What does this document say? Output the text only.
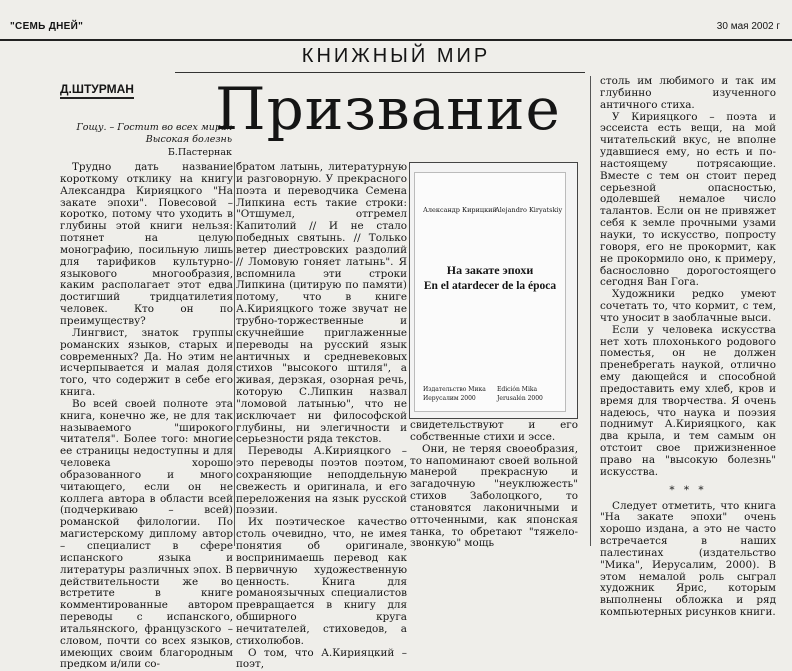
"СЕМЬ ДНЕЙ"	30 мая 2002 г
КНИЖНЫЙ МИР
Д.ШТУРМАН Призвание
Гощу. – Гостит во всех мирах
Высокая болезнь
Б.Пастернак

Трудно дать название короткому отклику на книгу Александра Кирияцкого "На закате эпохи". Повесовой – коротко, потому что уходить в глубины этой книги нельзя: потянет на целую монографию, посильную лишь для тарификов культурно-языкового многообразия, каким располагает этот едва достигший тридцатилетия человек. Кто он по преимуществу?

Лингвист, знаток группы романских языков, старых и современных? Да. Но этим не исчерпывается и малая доля того, что содержит в себе его книга.

Во всей своей полноте эта книга, конечно же, не для так называемого "широкого читателя". Более того: многие ее страницы недоступны и для человека хорошо образованного и много читающего, если он не коллега автора в области всей (подчеркиваю – всей) романской филологии. По магистерскому диплому автор – специалист в сфере испанского языка и литературы различных эпох. В действительности же во встретите в книге комментированные автором переводы с испанского, итальянского, французского – словом, почти со всех языков, имеющих своим благородным предком и/или со-

братом латынь, литературную и разговорную. У прекрасного поэта и переводчика Семена Липкина есть такие строки: "Отшумел, отгремел Капитолий // И не стало победных святынь. // Только ветер диестровских раздолий // Ломовую гоняет латынь". Я вспомнила эти строки Липкина (цитирую по памяти) потому, что в книге А.Кирияцкого тоже звучат не трубно-торжественные и скучнейшие приглаженные переводы на русский язык античных и средневековых стихов "высокого штиля", а живая, дерзкая, озорная речь, которую С.Липкин назвал "ломовой латынью", что не исключает ни философской глубины, ни элегичности и серьезности ряда текстов.

Переводы А.Кирияцкого – это переводы поэтов поэтом, сохраняющие неподдельную свежесть и оригинала, и его переложения на язык русской поэзии.

Их поэтическое качество столь очевидно, что, не имея понятия об оригинале, воспринимаешь перевод как первичную художественную ценность. Книга для романоязычных специалистов превращается в книгу для обширного круга нечитателей, стиховедов, а стихолюбов.

О том, что А.Кирияцкий – поэт,

Александр Кирицкий
Alejandro Kiryatskiy
На закате эпохи
En el atardecer de la época
Издательство Мика
Иерусалим 2000
Edición Mika
Jerusalén 2000

свидетельствуют и его собственные стихи и эссе.

Они, не теряя своеобразия, то напоминают своей вольной манерой прекрасную и загадочную "неуклюжесть" стихов Заболоцкого, то становятся лаконичными и отточенными, как японская танка, то обретают "тяжело-звонкую" мощь

столь им любимого и так им глубинно изученного античного стиха.

У Кирияцкого – поэта и эссеиста есть вещи, на мой читательский вкус, не вполне удавшиеся ему, но есть и по-настоящему потрясающие. Вместе с тем он стоит перед серьезной опасностью, одолевшей немалое число талантов. Если он не привяжет себя к земле прочными узами науки, то искусство, попросту говоря, его не прокормит, как не прокормило оно, к примеру, баснословно дорогостоящего сегодня Ван Гога.

Художники редко умеют сочетать то, что кормит, с тем, что уносит в заоблачные выси.

Если у человека искусства нет хоть плохонького родового поместья, он не должен пренебрегать наукой, отлично ему дающейся и способной предоставить ему хлеб, кров и время для творчества. Я очень надеюсь, что наука и поэзия поднимут А.Кирияцкого, как два крыла, и тем самым он отстоит свое прижизненное право на "высокую болезнь" искусства.

* * *

Следует отметить, что книга "На закате эпохи" очень хорошо издана, а это не часто встречается в наших палестинах (издательство "Мика", Иерусалим, 2000). В этом немалой роль сыграл художник Ярис, которым выполнены обложка и ряд компьютерных рисунков книги.
